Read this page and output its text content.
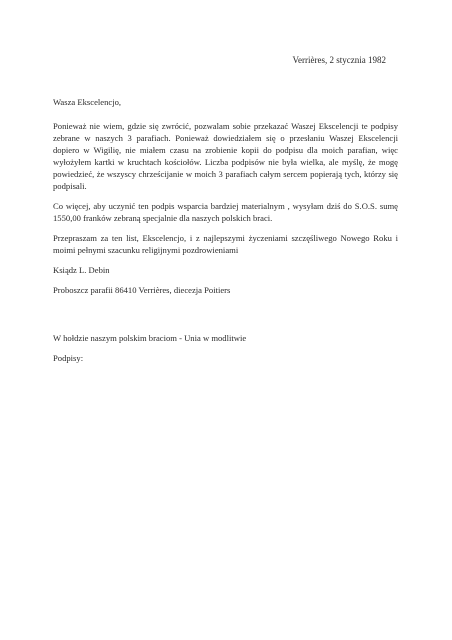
Verrières, 2 stycznia 1982

Wasza Ekscelencjo,

Ponieważ nie wiem, gdzie się zwrócić, pozwalam sobie przekazać Waszej Ekscelencji te podpisy zebrane w naszych 3 parafiach. Ponieważ dowiedziałem się o przesłaniu Waszej Ekscelencji dopiero w Wigilię, nie miałem czasu na zrobienie kopii do podpisu dla moich parafian, więc wyłożyłem kartki w kruchtach kościołów. Liczba podpisów nie była wielka, ale myślę, że mogę powiedzieć, że wszyscy chrześcijanie w moich 3 parafiach całym sercem popierają tych, którzy się podpisali.

Co więcej, aby uczynić ten podpis wsparcia bardziej materialnym , wysyłam dziś do S.O.S. sumę 1550,00 franków zebraną specjalnie dla naszych polskich braci.

Przepraszam za ten list, Ekscelencjo, i z najlepszymi życzeniami szczęśliwego Nowego Roku i moimi pełnymi szacunku religijnymi pozdrowieniami

Ksiądz L. Debin

Proboszcz parafii 86410 Verrières, diecezja Poitiers

W hołdzie naszym polskim braciom - Unia w modlitwie

Podpisy:
